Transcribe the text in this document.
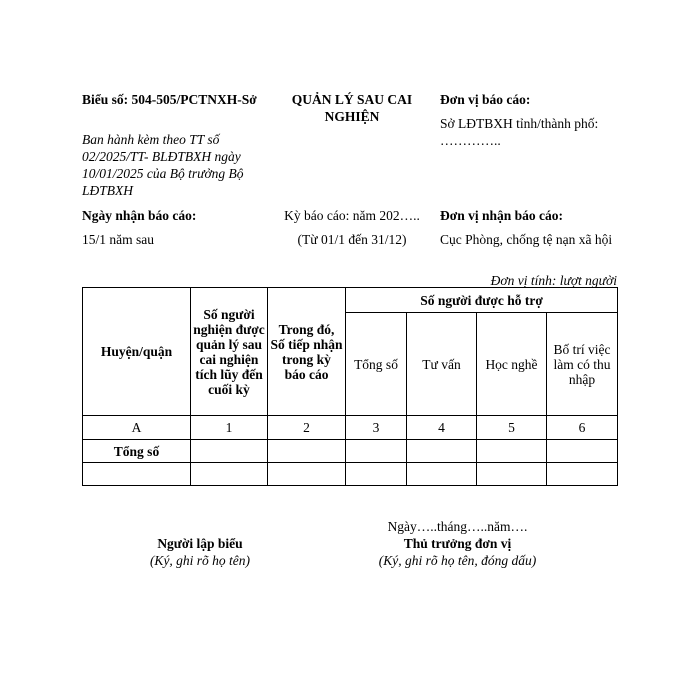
Biểu số: 504-505/PCTNXH-Sở
Ban hành kèm theo TT số 02/2025/TT- BLĐTBXH ngày 10/01/2025 của Bộ trưởng Bộ LĐTBXH
QUẢN LÝ SAU CAI NGHIỆN
Đơn vị báo cáo:
Sở LĐTBXH tỉnh/thành phố: …………..
Ngày nhận báo cáo:
15/1 năm sau
Kỳ báo cáo: năm 202…..
(Từ 01/1 đến 31/12)
Đơn vị nhận báo cáo:
Cục Phòng, chống tệ nạn xã hội
Đơn vị tính: lượt người
Huyện/quận	Số người nghiện được quản lý sau cai nghiện tích lũy đến cuối kỳ	Trong đó, Số tiếp nhận trong kỳ báo cáo	Số người được hỗ trợ			
			Tổng số	Tư vấn	Học nghề	Bố trí việc làm có thu nhập
A	1	2	3	4	5	6
Tổng số						

Ngày…..tháng…..năm….
Người lập biểu
(Ký, ghi rõ họ tên)
Thủ trưởng đơn vị
(Ký, ghi rõ họ tên, đóng dấu)
